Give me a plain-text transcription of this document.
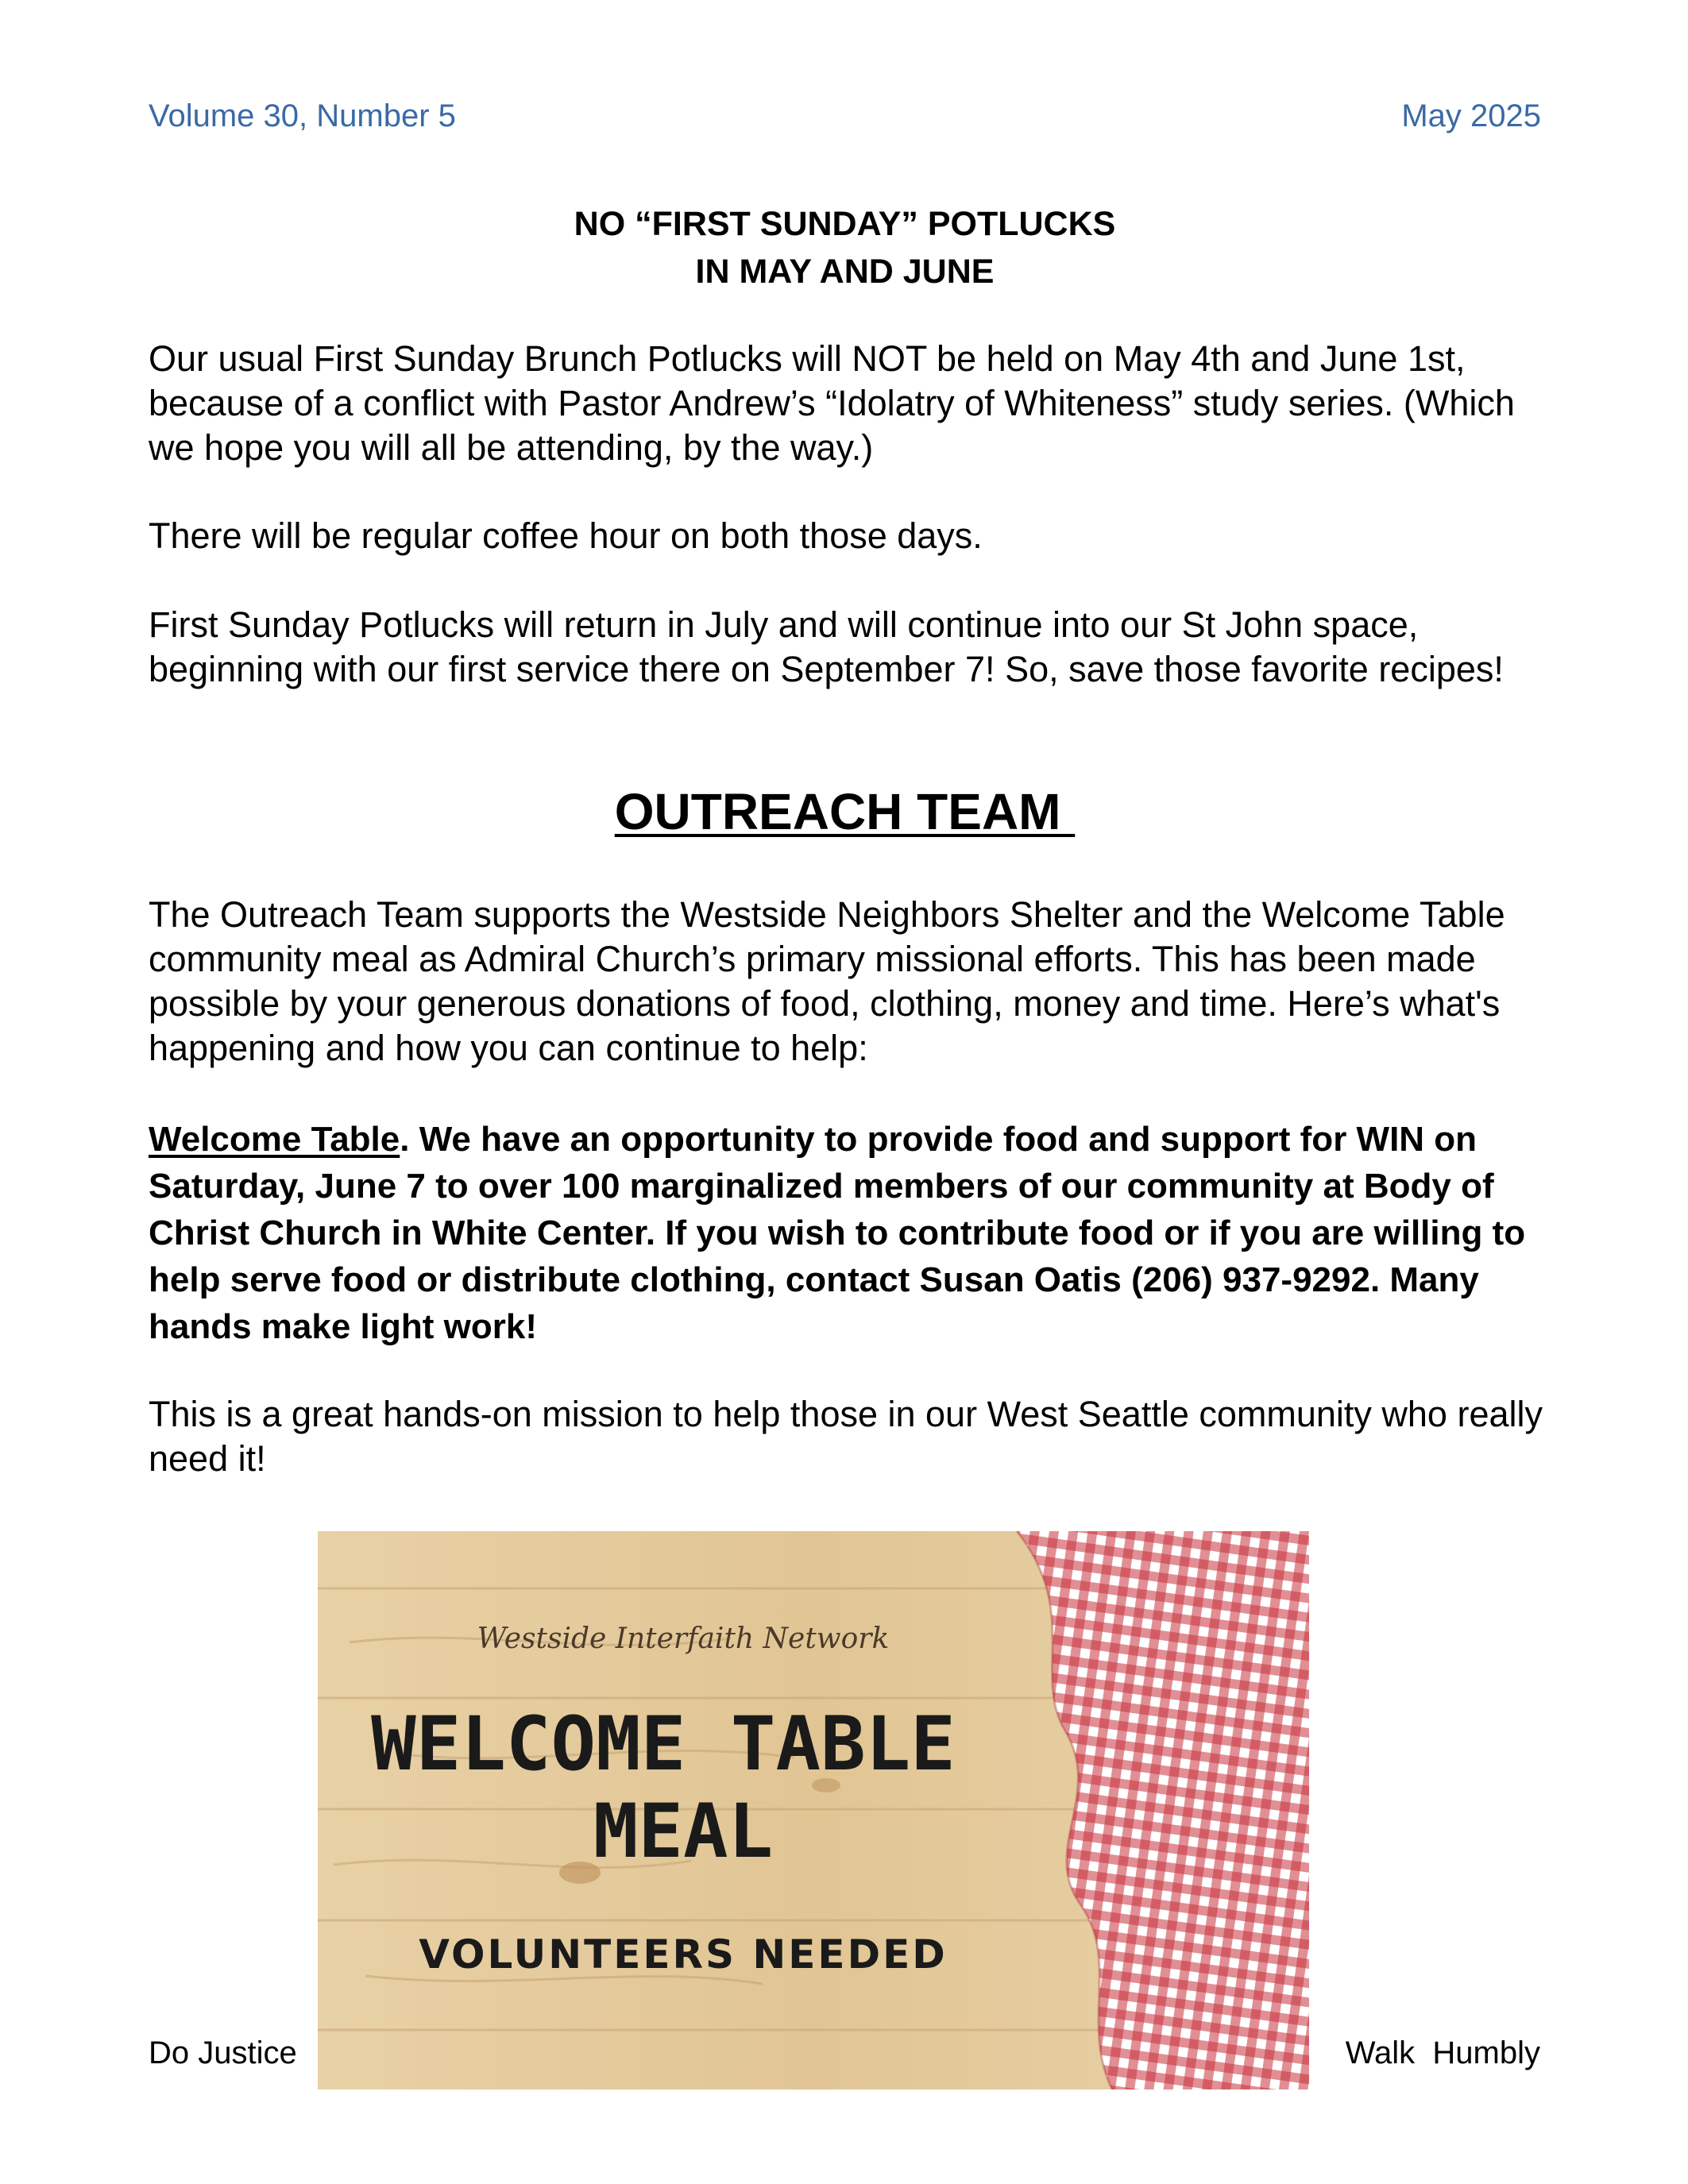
Volume 30, Number 5	May 2025
NO “FIRST SUNDAY” POTLUCKS
IN MAY AND JUNE
Our usual First Sunday Brunch Potlucks will NOT be held on May 4th and June 1st, because of a conflict with Pastor Andrew’s “Idolatry of Whiteness” study series. (Which we hope you will all be attending, by the way.)
There will be regular coffee hour on both those days.
First Sunday Potlucks will return in July and will continue into our St John space, beginning with our first service there on September 7! So, save those favorite recipes!
OUTREACH TEAM
The Outreach Team supports the Westside Neighbors Shelter and the Welcome Table community meal as Admiral Church’s primary missional efforts. This has been made possible by your generous donations of food, clothing, money and time. Here’s what's happening and how you can continue to help:
Welcome Table. We have an opportunity to provide food and support for WIN on Saturday, June 7 to over 100 marginalized members of our community at Body of Christ Church in White Center. If you wish to contribute food or if you are willing to help serve food or distribute clothing, contact Susan Oatis (206) 937-9292. Many hands make light work!
This is a great hands-on mission to help those in our West Seattle community who really need it!
Westside Interfaith Network
WELCOME TABLE
MEAL
VOLUNTEERS NEEDED
Do Justice	Walk  Humbly
